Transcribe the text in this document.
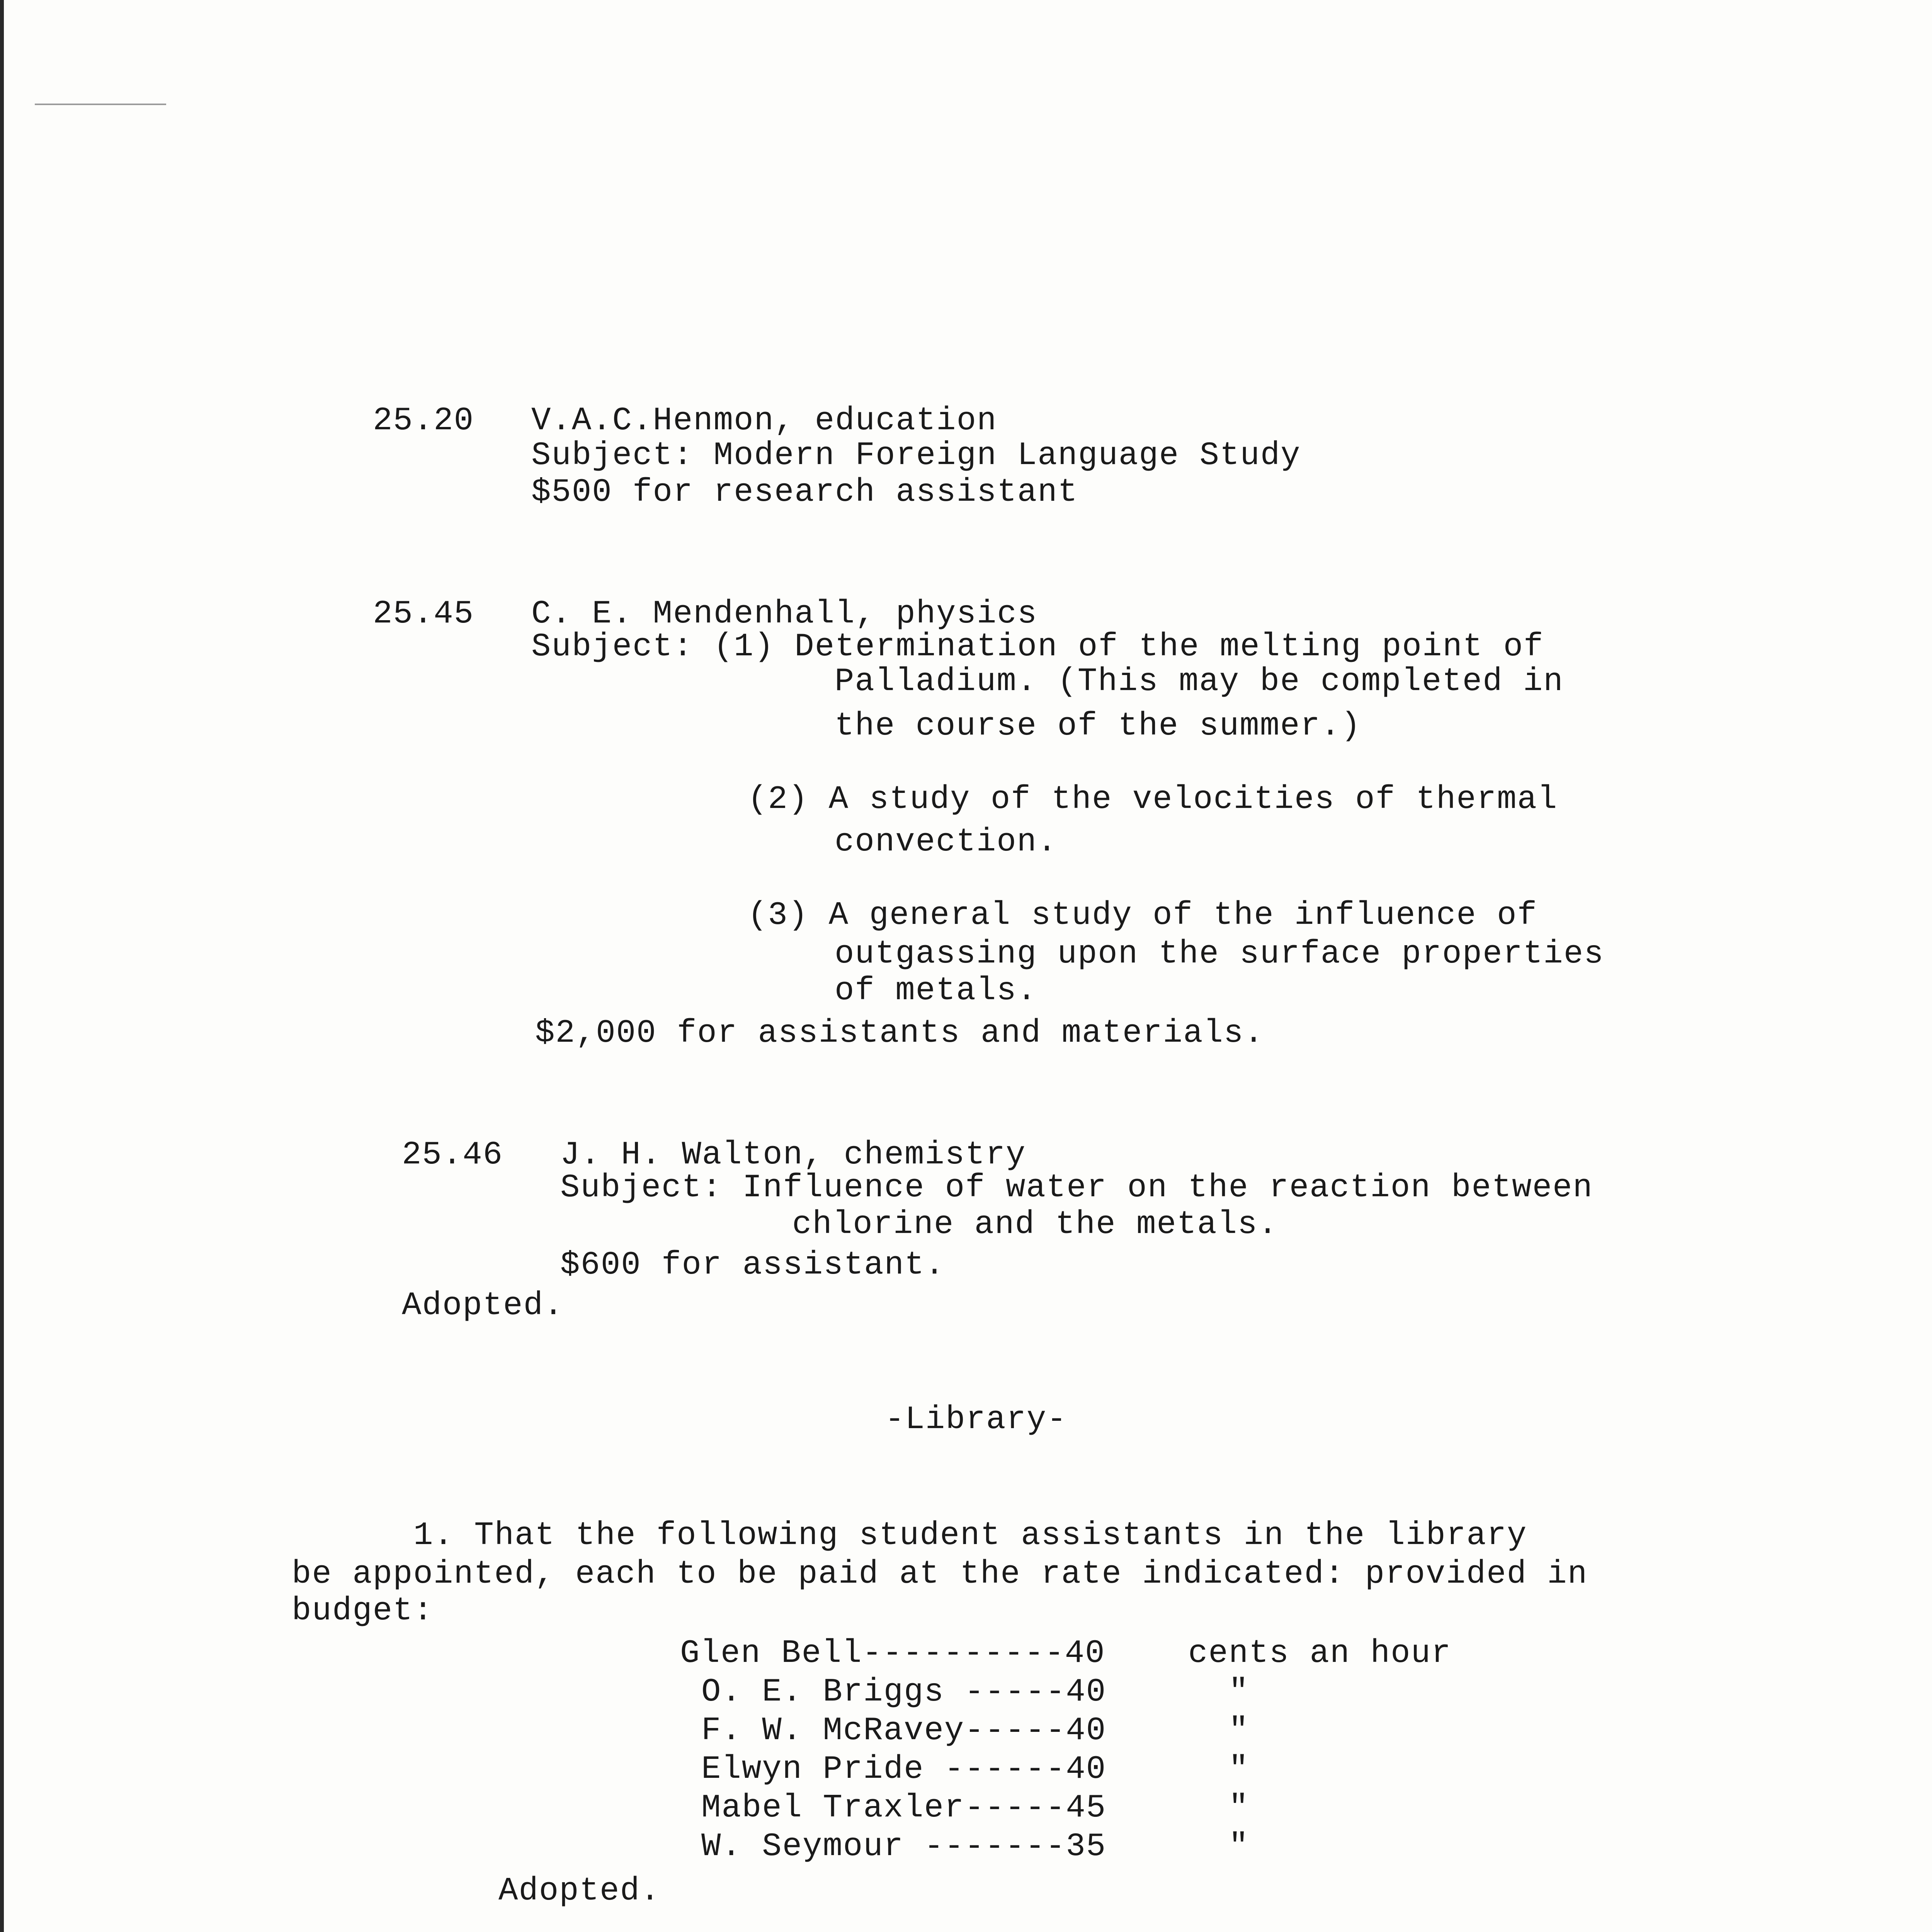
25.20 V.A.C.Henmon, education
Subject: Modern Foreign Language Study
$500 for research assistant
25.45 C. E. Mendenhall, physics
Subject: (1) Determination of the melting point of
Palladium. (This may be completed in
the course of the summer.)
(2) A study of the velocities of thermal
convection.
(3) A general study of the influence of
outgassing upon the surface properties
of metals.
$2,000 for assistants and materials.
25.46 J. H. Walton, chemistry
Subject: Influence of water on the reaction between
chlorine and the metals.
$600 for assistant.
Adopted.
-Library-
1. That the following student assistants in the library
be appointed, each to be paid at the rate indicated: provided in
budget:
Glen Bell----------40	cents an hour
O. E. Briggs -----40	"
F. W. McRavey-----40	"
Elwyn Pride ------40	"
Mabel Traxler-----45	"
W. Seymour -------35	"
Adopted.
